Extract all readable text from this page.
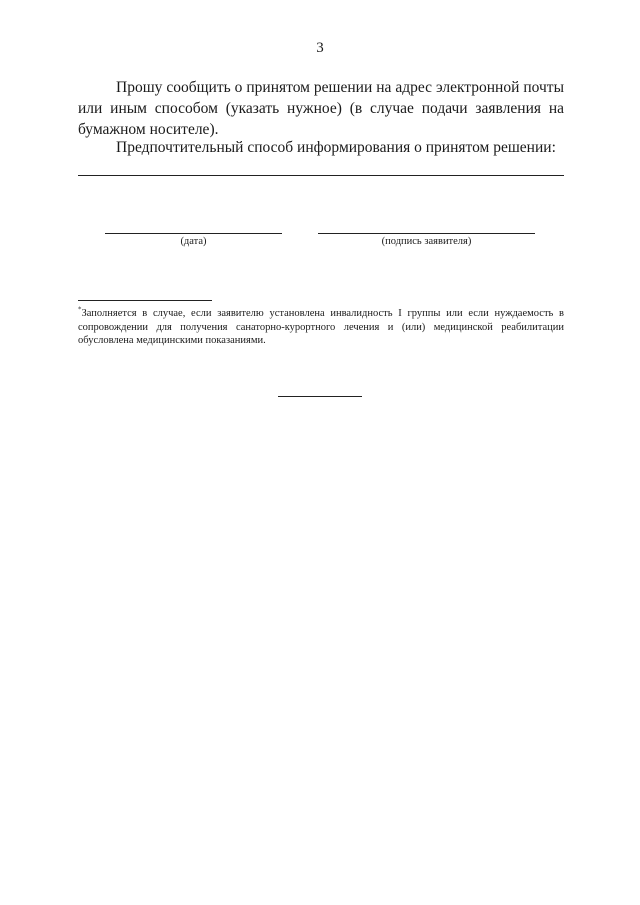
3

Прошу сообщить о принятом решении на адрес электронной почты или иным способом (указать нужное) (в случае подачи заявления на бумажном носителе).

Предпочтительный способ информирования о принятом решении:

(дата)	(подпись заявителя)

*Заполняется в случае, если заявителю установлена инвалидность I группы или если нуждаемость в сопровождении для получения санаторно-курортного лечения и (или) медицинской реабилитации обусловлена медицинскими показаниями.
